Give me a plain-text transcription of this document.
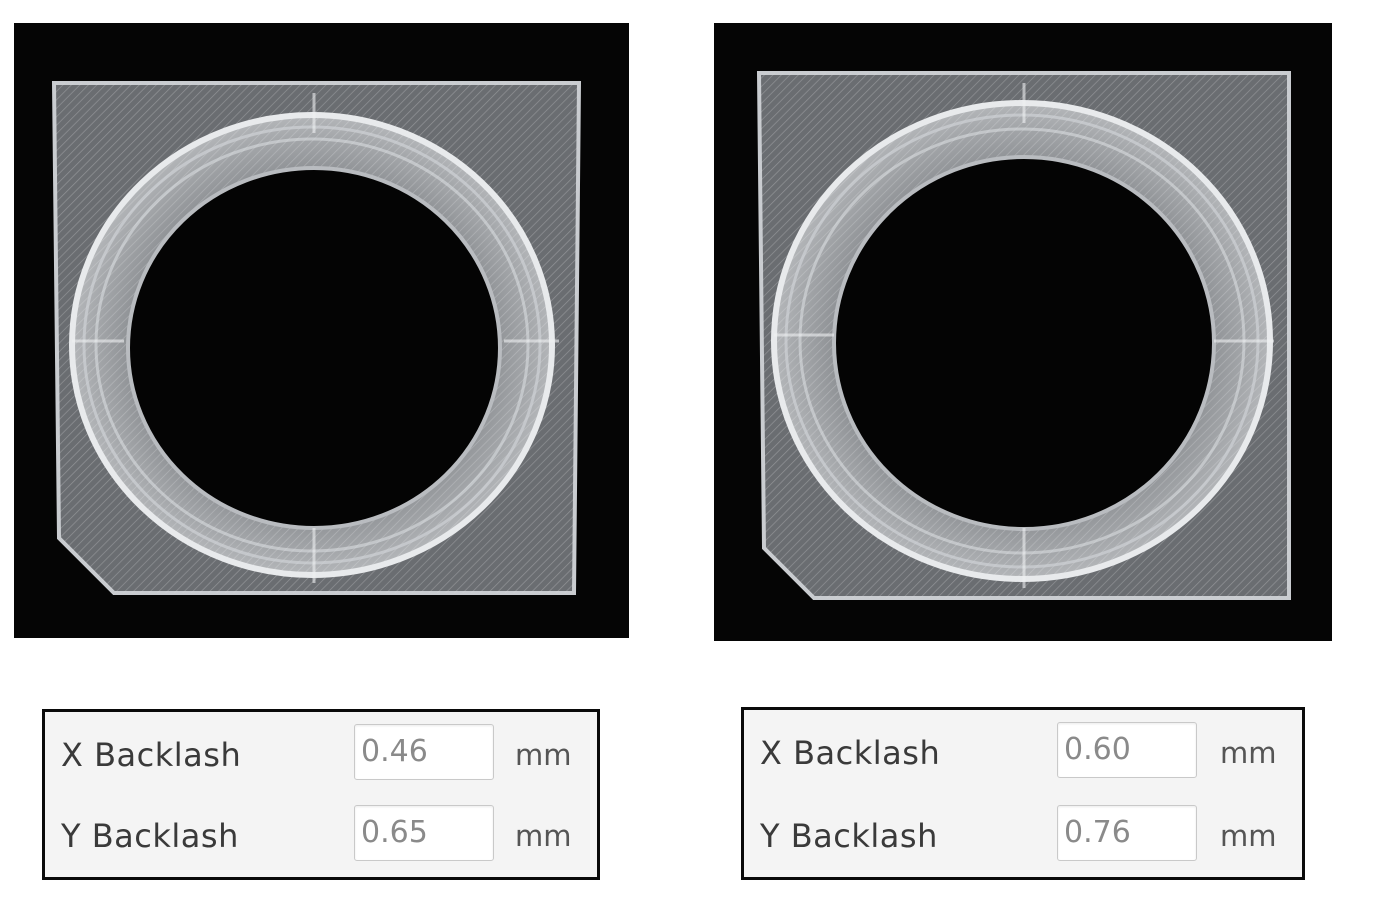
X Backlash	0.46	mm
Y Backlash	0.65	mm
X Backlash	0.60	mm
Y Backlash	0.76	mm
